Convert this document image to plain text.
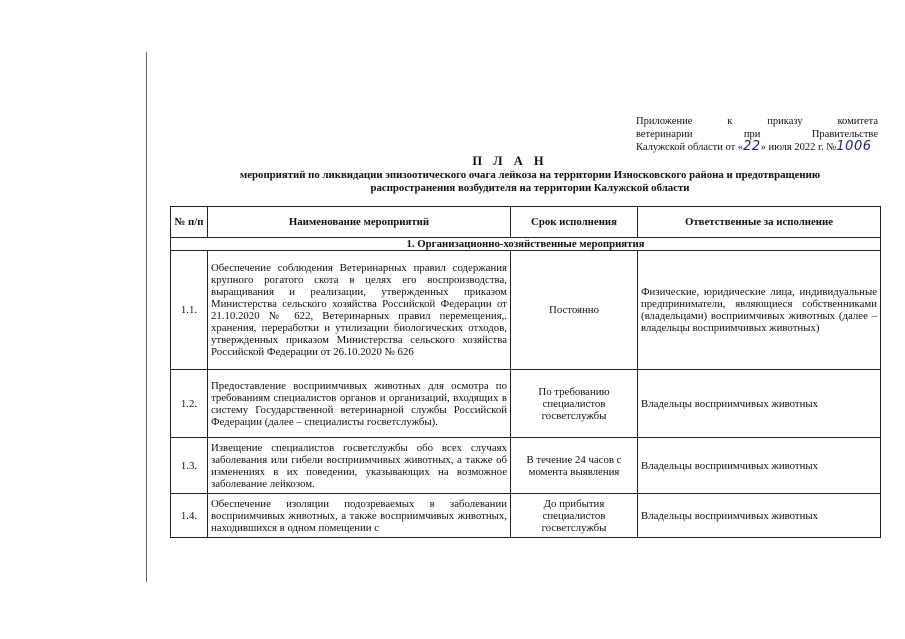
Приложение к приказу комитета
ветеринарии при Правительстве
Калужской области от «22» июля 2022 г. №1006
П Л А Н
мероприятий по ликвидации эпизоотического очага лейкоза на территории Износковского района и предотвращению
распространения возбудителя на территории Калужской области
№ п/п	Наименование мероприятий	Срок исполнения	Ответственные за исполнение
1. Организационно-хозяйственные мероприятия			
1.1.	Обеспечение соблюдения Ветеринарных правил содержания крупного рогатого скота в целях его воспроизводства, выращивания и реализации, утвержденных приказом Министерства сельского хозяйства Российской Федерации от 21.10.2020 № 622, Ветеринарных правил перемещения,. хранения, переработки и утилизации биологических отходов, утвержденных приказом Министерства сельского хозяйства Российской Федерации от 26.10.2020 № 626	Постоянно	Физические, юридические лица, индивидуальные предприниматели, являющиеся собственниками (владельцами) восприимчивых животных (далее – владельцы восприимчивых животных)
1.2.	Предоставление восприимчивых животных для осмотра по требованиям специалистов органов и организаций, входящих в систему Государственной ветеринарной службы Российской Федерации (далее – специалисты госветслужбы).	По требованию специалистов госветслужбы	Владельцы восприимчивых животных
1.3.	Извещение специалистов госветслужбы обо всех случаях заболевания или гибели восприимчивых животных, а также об изменениях в их поведении, указывающих на возможное заболевание лейкозом.	В течение 24 часов с момента выявления	Владельцы восприимчивых животных
1.4.	Обеспечение изоляции подозреваемых в заболевании восприимчивых животных, а также восприимчивых животных, находившихся в одном помещении с	До прибытия специалистов госветслужбы	Владельцы восприимчивых животных
